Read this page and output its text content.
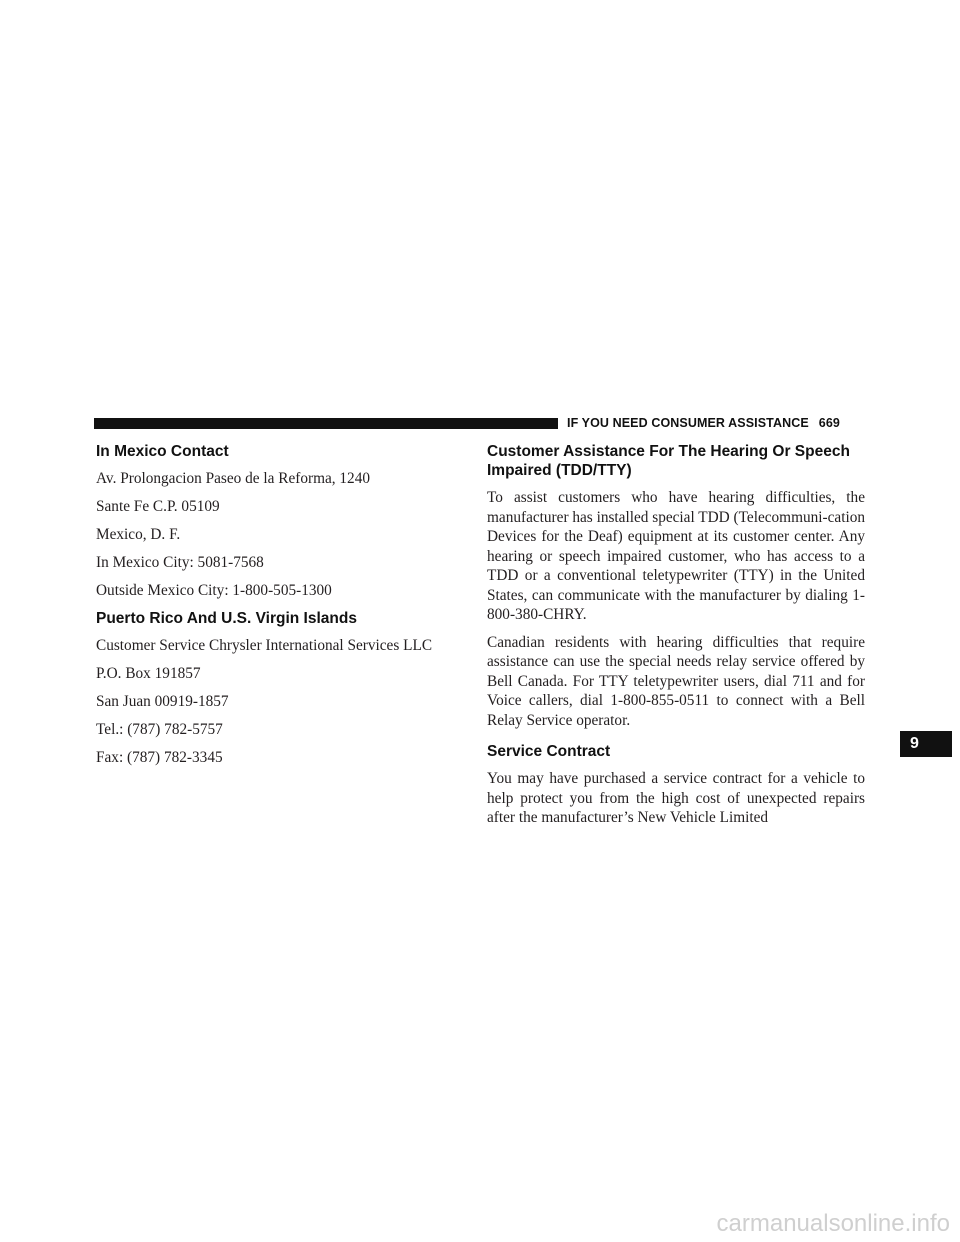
IF YOU NEED CONSUMER ASSISTANCE 669
In Mexico Contact

Av. Prolongacion Paseo de la Reforma, 1240

Sante Fe C.P. 05109

Mexico, D. F.

In Mexico City: 5081-7568

Outside Mexico City: 1-800-505-1300

Puerto Rico And U.S. Virgin Islands

Customer Service Chrysler International Services LLC

P.O. Box 191857

San Juan 00919-1857

Tel.: (787) 782-5757

Fax: (787) 782-3345

Customer Assistance For The Hearing Or Speech Impaired (TDD/TTY)

To assist customers who have hearing difficulties, the manufacturer has installed special TDD (Telecommuni-cation Devices for the Deaf) equipment at its customer center. Any hearing or speech impaired customer, who has access to a TDD or a conventional teletypewriter (TTY) in the United States, can communicate with the manufacturer by dialing 1-800-380-CHRY.

Canadian residents with hearing difficulties that require assistance can use the special needs relay service offered by Bell Canada. For TTY teletypewriter users, dial 711 and for Voice callers, dial 1-800-855-0511 to connect with a Bell Relay Service operator.

Service Contract

You may have purchased a service contract for a vehicle to help protect you from the high cost of unexpected repairs after the manufacturer’s New Vehicle Limited

9
carmanualsonline.info
